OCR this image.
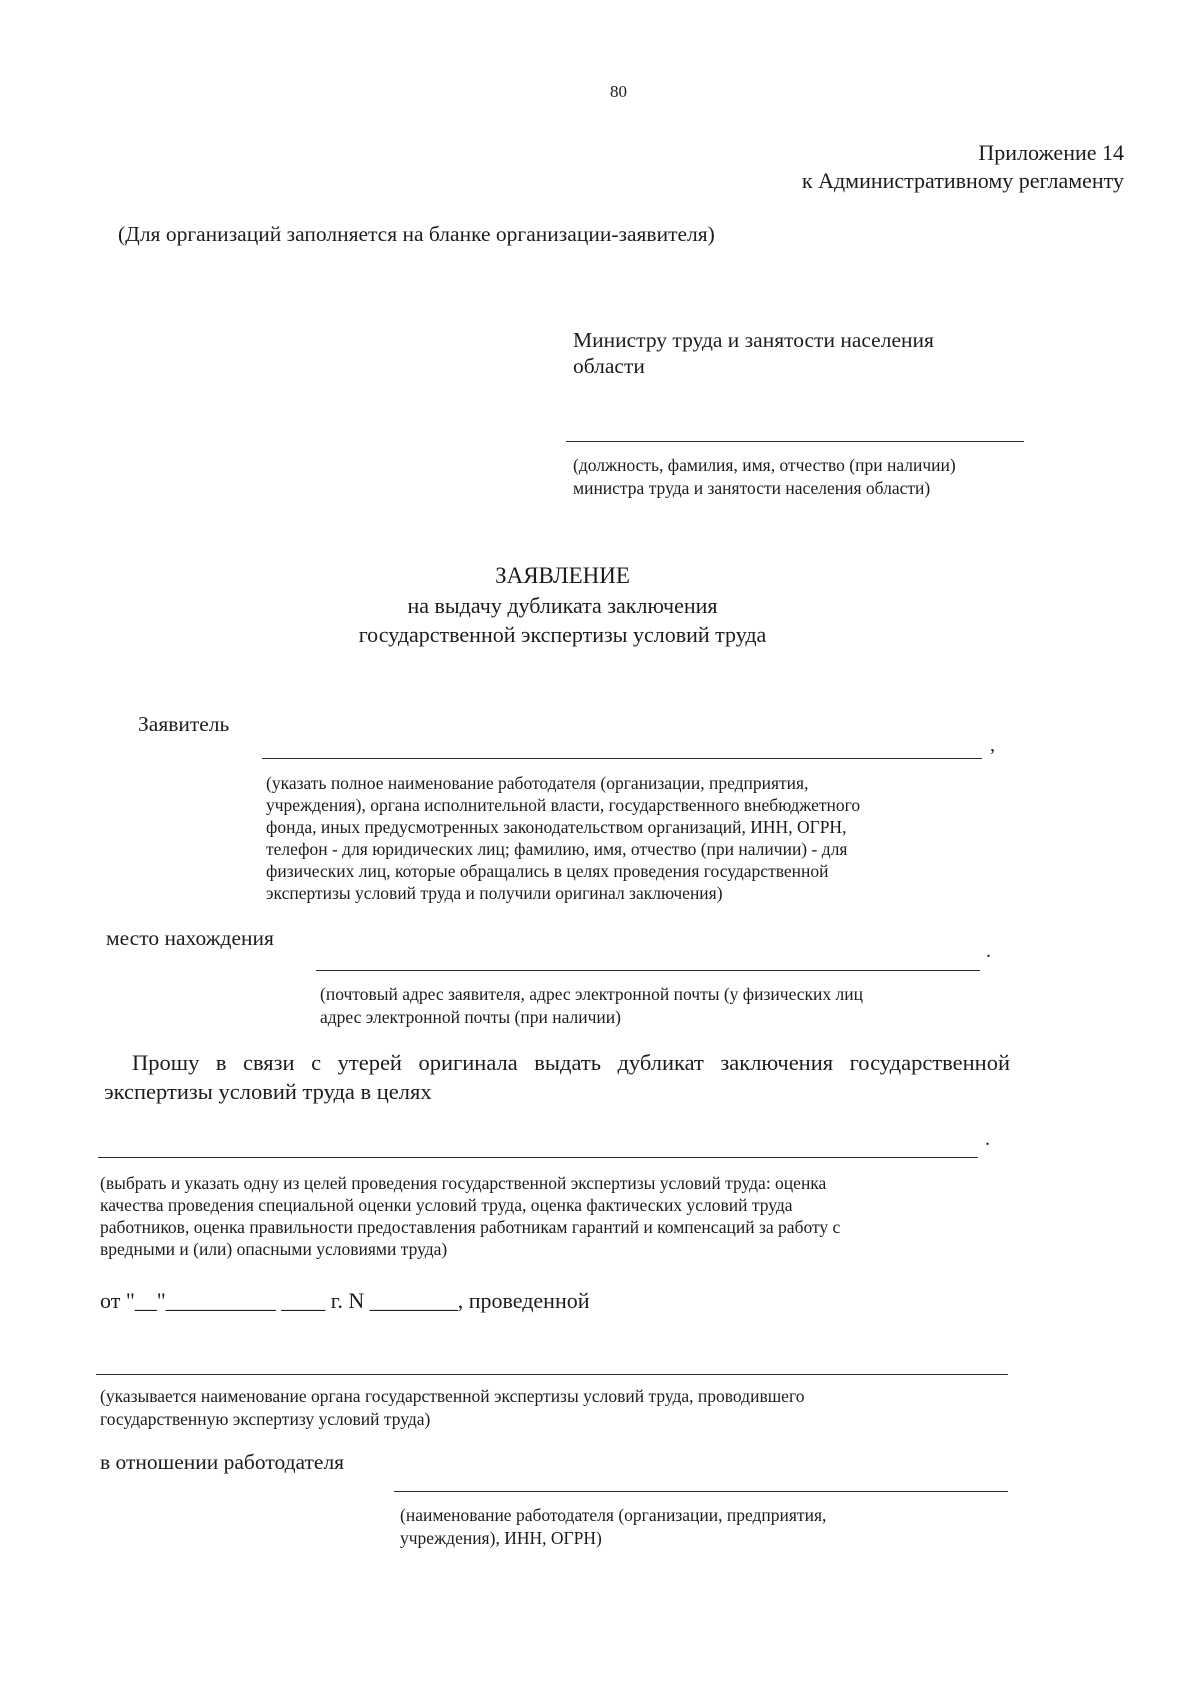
80
Приложение 14
к Административному регламенту
(Для организаций заполняется на бланке организации-заявителя)
Министру труда и занятости населения
области
(должность, фамилия, имя, отчество (при наличии)
министра труда и занятости населения области)
ЗАЯВЛЕНИЕ
на выдачу дубликата заключения
государственной экспертизы условий труда
Заявитель
,
(указать полное наименование работодателя (организации, предприятия,
учреждения), органа исполнительной власти, государственного внебюджетного
фонда, иных предусмотренных законодательством организаций, ИНН, ОГРН,
телефон - для юридических лиц; фамилию, имя, отчество (при наличии) - для
физических лиц, которые обращались в целях проведения государственной
экспертизы условий труда и получили оригинал заключения)
место нахождения
.
(почтовый адрес заявителя, адрес электронной почты (у физических лиц
адрес электронной почты (при наличии)
Прошу в связи с утерей оригинала выдать дубликат заключения государственной
экспертизы условий труда в целях
.
(выбрать и указать одну из целей проведения государственной экспертизы условий труда: оценка
качества проведения специальной оценки условий труда, оценка фактических условий труда
работников, оценка правильности предоставления работникам гарантий и компенсаций за работу с
вредными и (или) опасными условиями труда)
от "__"__________ ____ г. N ________, проведенной
(указывается наименование органа государственной экспертизы условий труда, проводившего
государственную экспертизу условий труда)
в отношении работодателя
(наименование работодателя (организации, предприятия,
учреждения), ИНН, ОГРН)
